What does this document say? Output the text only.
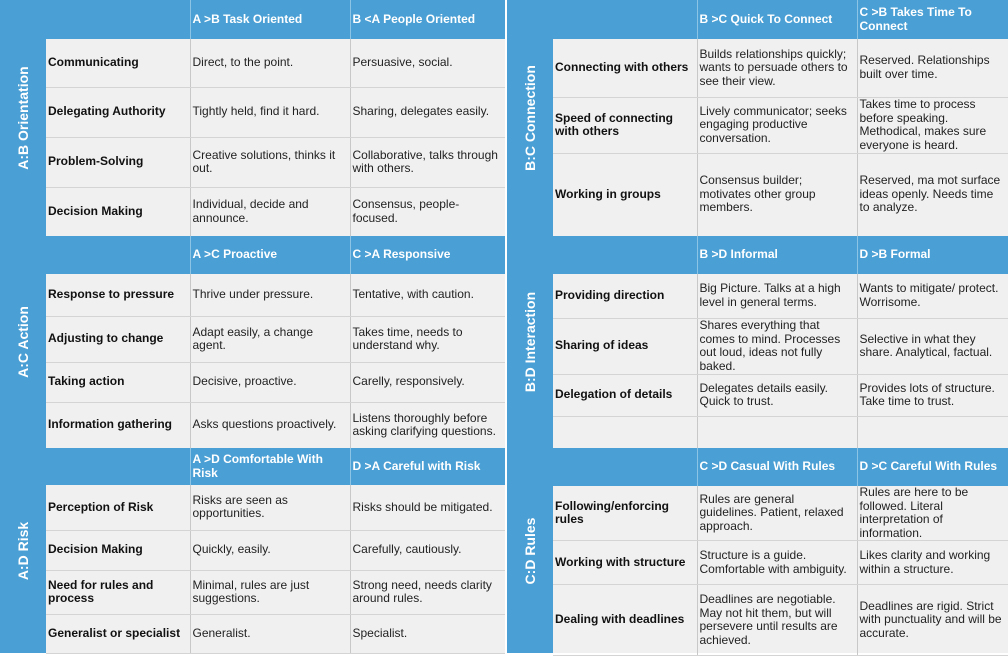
A:B Orientation
	A >B Task Oriented	B <A People Oriented
Communicating	Direct, to the point.	Persuasive, social.
Delegating Authority	Tightly held, find it hard.	Sharing, delegates easily.
Problem-Solving	Creative solutions, thinks it out.	Collaborative, talks through with others.
Decision Making	Individual, decide and announce.	Consensus, people-focused.
A:C Action
	A >C Proactive	C >A Responsive
Response to pressure	Thrive under pressure.	Tentative, with caution.
Adjusting to change	Adapt easily, a change agent.	Takes time, needs to understand why.
Taking action	Decisive, proactive.	Carelly, responsively.
Information gathering	Asks questions proactively.	Listens thoroughly before asking clarifying questions.
A:D Risk
	A >D Comfortable With Risk	D >A Careful with Risk
Perception of Risk	Risks are seen as opportunities.	Risks should be mitigated.
Decision Making	Quickly, easily.	Carefully, cautiously.
Need for rules and process	Minimal, rules are just suggestions.	Strong need, needs clarity around rules.
Generalist or specialist	Generalist.	Specialist.
B:C Connection
	B >C Quick To Connect	C >B Takes Time To Connect
Connecting with others	Builds relationships quickly; wants to persuade others to see their view.	Reserved. Relationships built over time.
Speed of connecting with others	Lively communicator; seeks engaging productive conversation.	Takes time to process before speaking. Methodical, makes sure everyone is heard.
Working in groups	Consensus builder; motivates other group members.	Reserved, ma mot surface ideas openly. Needs time to analyze.
B:D Interaction
	B >D Informal	D >B Formal
Providing direction	Big Picture. Talks at a high level in general terms.	Wants to mitigate/ protect. Worrisome.
Sharing of ideas	Shares everything that comes to mind. Processes out loud, ideas not fully baked.	Selective in what they share. Analytical, factual.
Delegation of details	Delegates details easily. Quick to trust.	Provides lots of structure. Take time to trust.

C:D Rules
	C >D Casual With Rules	D >C Careful With Rules
Following/enforcing rules	Rules are general guidelines. Patient, relaxed approach.	Rules are here to be followed. Literal interpretation of information.
Working with structure	Structure is a guide. Comfortable with ambiguity.	Likes clarity and working within a structure.
Dealing with deadlines	Deadlines are negotiable. May not hit them, but will persevere until results are achieved.	Deadlines are rigid. Strict with punctuality and will be accurate.
